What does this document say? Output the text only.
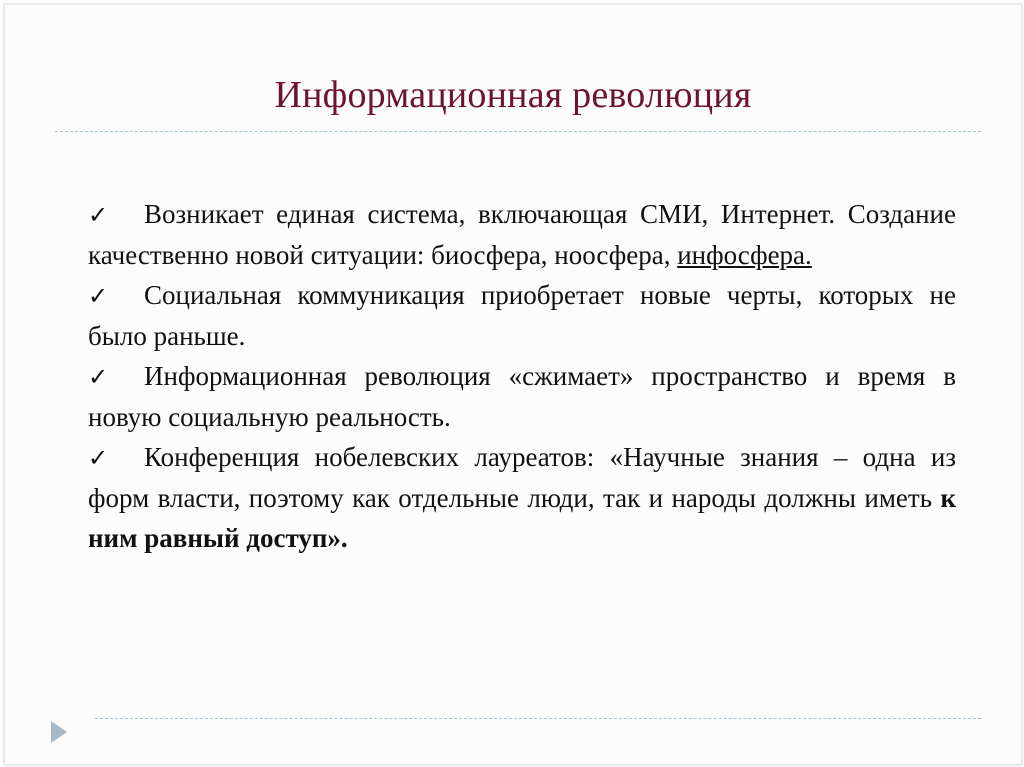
Информационная революция

✓ Возникает единая система, включающая СМИ, Интернет. Создание качественно новой ситуации: биосфера, ноосфера, инфосфера.

✓ Социальная коммуникация приобретает новые черты, которых не было раньше.

✓ Информационная революция «сжимает» пространство и время в новую социальную реальность.

✓ Конференция нобелевских лауреатов: «Научные знания – одна из форм власти, поэтому как отдельные люди, так и народы должны иметь к ним равный доступ».
